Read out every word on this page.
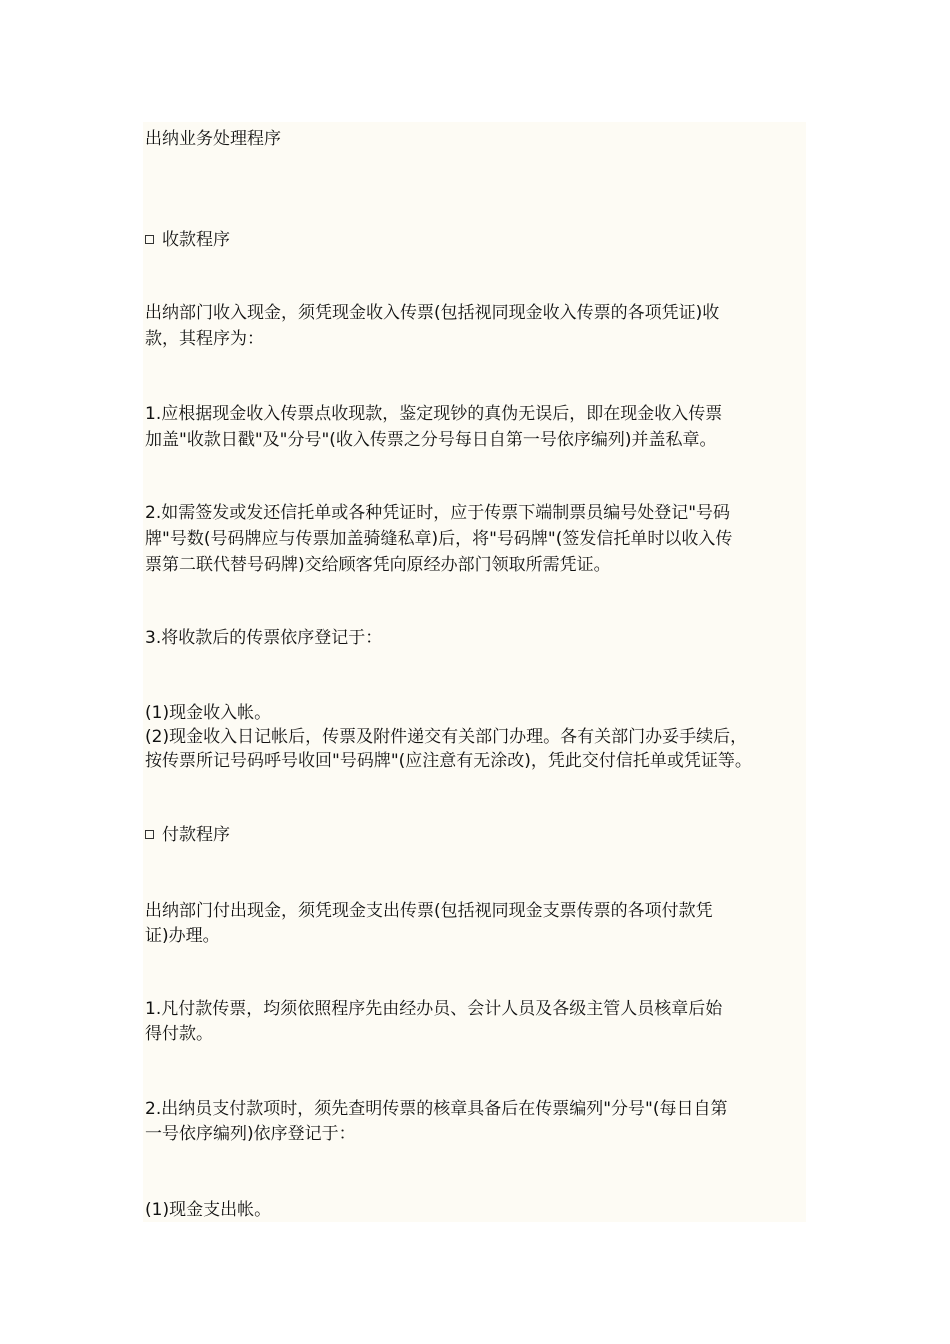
出纳业务处理程序

收款程序

出纳部门收入现金，须凭现金收入传票(包括视同现金收入传票的各项凭证)收

款，其程序为：

1.应根据现金收入传票点收现款，鉴定现钞的真伪无误后，即在现金收入传票

加盖"收款日戳"及"分号"(收入传票之分号每日自第一号依序编列)并盖私章。

2.如需签发或发还信托单或各种凭证时，应于传票下端制票员编号处登记"号码

牌"号数(号码牌应与传票加盖骑缝私章)后，将"号码牌"(签发信托单时以收入传

票第二联代替号码牌)交给顾客凭向原经办部门领取所需凭证。

3.将收款后的传票依序登记于：

(1)现金收入帐。

(2)现金收入日记帐后，传票及附件递交有关部门办理。各有关部门办妥手续后，

按传票所记号码呼号收回"号码牌"(应注意有无涂改)，凭此交付信托单或凭证等。

付款程序

出纳部门付出现金，须凭现金支出传票(包括视同现金支票传票的各项付款凭

证)办理。

1.凡付款传票，均须依照程序先由经办员、会计人员及各级主管人员核章后始

得付款。

2.出纳员支付款项时，须先查明传票的核章具备后在传票编列"分号"(每日自第

一号依序编列)依序登记于：

(1)现金支出帐。
